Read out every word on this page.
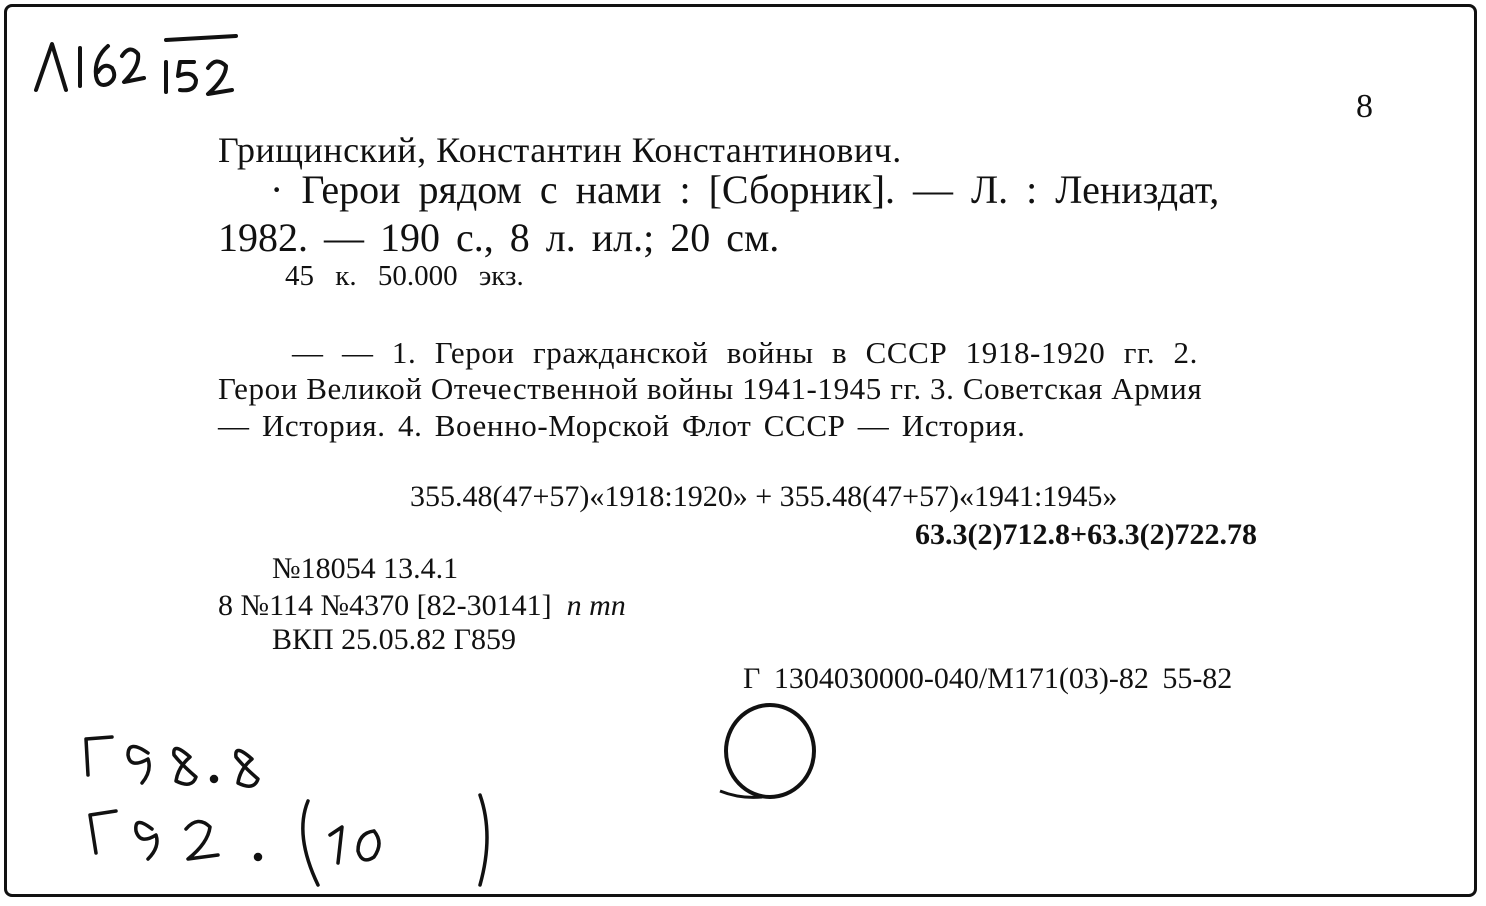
8
Грищинский, Константин Константинович.
· Герои рядом с нами : [Сборник]. — Л. : Лениздат,
1982. — 190 с., 8 л. ил.; 20 см.
45 к. 50.000 экз.
— — 1. Герои гражданской войны в СССР 1918-1920 гг. 2.
Герои Великой Отечественной войны 1941-1945 гг. 3. Советская Армия
— История. 4. Военно-Морской Флот СССР — История.
355.48(47+57)«1918:1920» + 355.48(47+57)«1941:1945»
63.3(2)712.8+63.3(2)722.78
№18054 13.4.1
8 №114 №4370 [82-30141] п тп
ВКП 25.05.82 Г859
Г 1304030000-040/М171(03)-82 55-82
